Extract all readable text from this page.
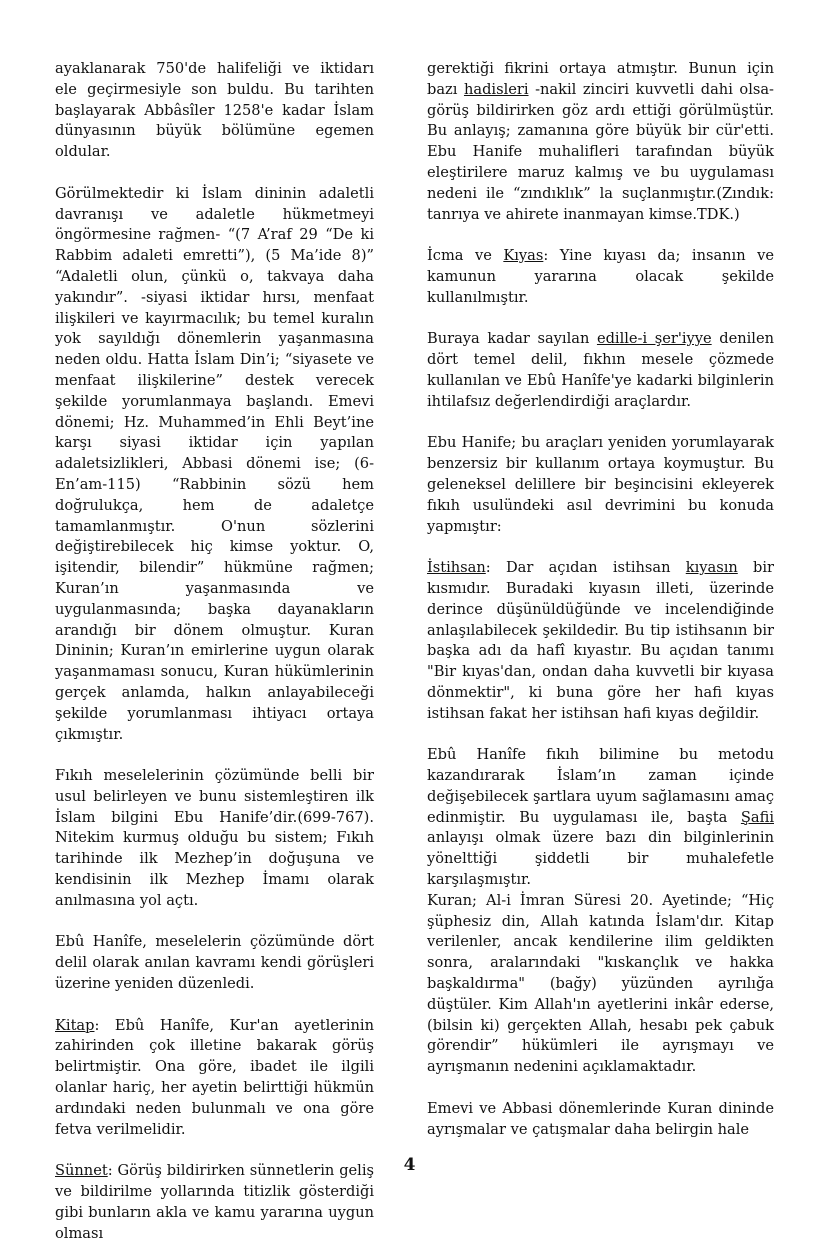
ayaklanarak 750'de halifeliği ve iktidarı ele geçirmesiyle son buldu. Bu tarihten başlayarak Abbâsîler 1258'e kadar İslam dünyasının büyük bölümüne egemen oldular.

Görülmektedir ki İslam dininin adaletli davranışı ve adaletle hükmetmeyi öngörmesine rağmen- “(7 A’raf 29 “De ki Rabbim adaleti emretti”), (5 Ma’ide 8)” “Adaletli olun, çünkü o, takvaya daha yakındır”. -siyasi iktidar hırsı, menfaat ilişkileri ve kayırmacılık; bu temel kuralın yok sayıldığı dönemlerin yaşanmasına neden oldu. Hatta İslam Din’i; “siyasete ve menfaat ilişkilerine” destek verecek şekilde yorumlanmaya başlandı. Emevi dönemi; Hz. Muhammed’in Ehli Beyt’ine karşı siyasi iktidar için yapılan adaletsizlikleri, Abbasi dönemi ise; (6-En’am-115) “Rabbinin sözü hem doğrulukça, hem de adaletçe tamamlanmıştır. O'nun sözlerini değiştirebilecek hiç kimse yoktur. O, işitendir, bilendir” hükmüne rağmen; Kuran’ın yaşanmasında ve uygulanmasında; başka dayanakların arandığı bir dönem olmuştur. Kuran Dininin; Kuran’ın emirlerine uygun olarak yaşanmaması sonucu, Kuran hükümlerinin gerçek anlamda, halkın anlayabileceği şekilde yorumlanması ihtiyacı ortaya çıkmıştır.

Fıkıh meselelerinin çözümünde belli bir usul belirleyen ve bunu sistemleştiren ilk İslam bilgini Ebu Hanife’dir.(699-767). Nitekim kurmuş olduğu bu sistem; Fıkıh tarihinde ilk Mezhep’in doğuşuna ve kendisinin ilk Mezhep İmamı olarak anılmasına yol açtı.

Ebû Hanîfe, meselelerin çözümünde dört delil olarak anılan kavramı kendi görüşleri üzerine yeniden düzenledi.

Kitap: Ebû Hanîfe, Kur'an ayetlerinin zahirinden çok illetine bakarak görüş belirtmiştir. Ona göre, ibadet ile ilgili olanlar hariç, her ayetin belirttiği hükmün ardındaki neden bulunmalı ve ona göre fetva verilmelidir.

Sünnet: Görüş bildirirken sünnetlerin geliş ve bildirilme yollarında titizlik gösterdiği gibi bunların akla ve kamu yararına uygun olması

gerektiği fikrini ortaya atmıştır. Bunun için bazı hadisleri -nakil zinciri kuvvetli dahi olsa- görüş bildirirken göz ardı ettiği görülmüştür. Bu anlayış; zamanına göre büyük bir cür'etti. Ebu Hanife muhalifleri tarafından büyük eleştirilere maruz kalmış ve bu uygulaması nedeni ile “zındıklık” la suçlanmıştır.(Zındık: tanrıya ve ahirete inanmayan kimse.TDK.)

İcma ve Kıyas: Yine kıyası da; insanın ve kamunun yararına olacak şekilde kullanılmıştır.

Buraya kadar sayılan edille-i şer'iyye denilen dört temel delil, fıkhın mesele çözmede kullanılan ve Ebû Hanîfe'ye kadarki bilginlerin ihtilafsız değerlendirdiği araçlardır.

Ebu Hanife; bu araçları yeniden yorumlayarak benzersiz bir kullanım ortaya koymuştur. Bu geleneksel delillere bir beşincisini ekleyerek fıkıh usulündeki asıl devrimini bu konuda yapmıştır:

İstihsan: Dar açıdan istihsan kıyasın bir kısmıdır. Buradaki kıyasın illeti, üzerinde derince düşünüldüğünde ve incelendiğinde anlaşılabilecek şekildedir. Bu tip istihsanın bir başka adı da hafî kıyastır. Bu açıdan tanımı "Bir kıyas'dan, ondan daha kuvvetli bir kıyasa dönmektir", ki buna göre her hafi kıyas istihsan fakat her istihsan hafi kıyas değildir.

Ebû Hanîfe fıkıh bilimine bu metodu kazandırarak İslam’ın zaman içinde değişebilecek şartlara uyum sağlamasını amaç edinmiştir. Bu uygulaması ile, başta Şafii anlayışı olmak üzere bazı din bilginlerinin yöneltti̇ği şiddetli bir muhalefetle karşılaşmıştır.

Kuran; Al-i İmran Süresi 20. Ayetinde; “Hiç şüphesiz din, Allah katında İslam'dır. Kitap verilenler, ancak kendilerine ilim geldikten sonra, aralarındaki "kıskançlık ve hakka başkaldırma" (bağy) yüzünden ayrılığa düştüler. Kim Allah'ın ayetlerini inkâr ederse, (bilsin ki) gerçekten Allah, hesabı pek çabuk görendir” hükümleri ile ayrışmayı ve ayrışmanın nedenini açıklamaktadır.

Emevi ve Abbasi dönemlerinde Kuran dininde ayrışmalar ve çatışmalar daha belirgin hale

4
